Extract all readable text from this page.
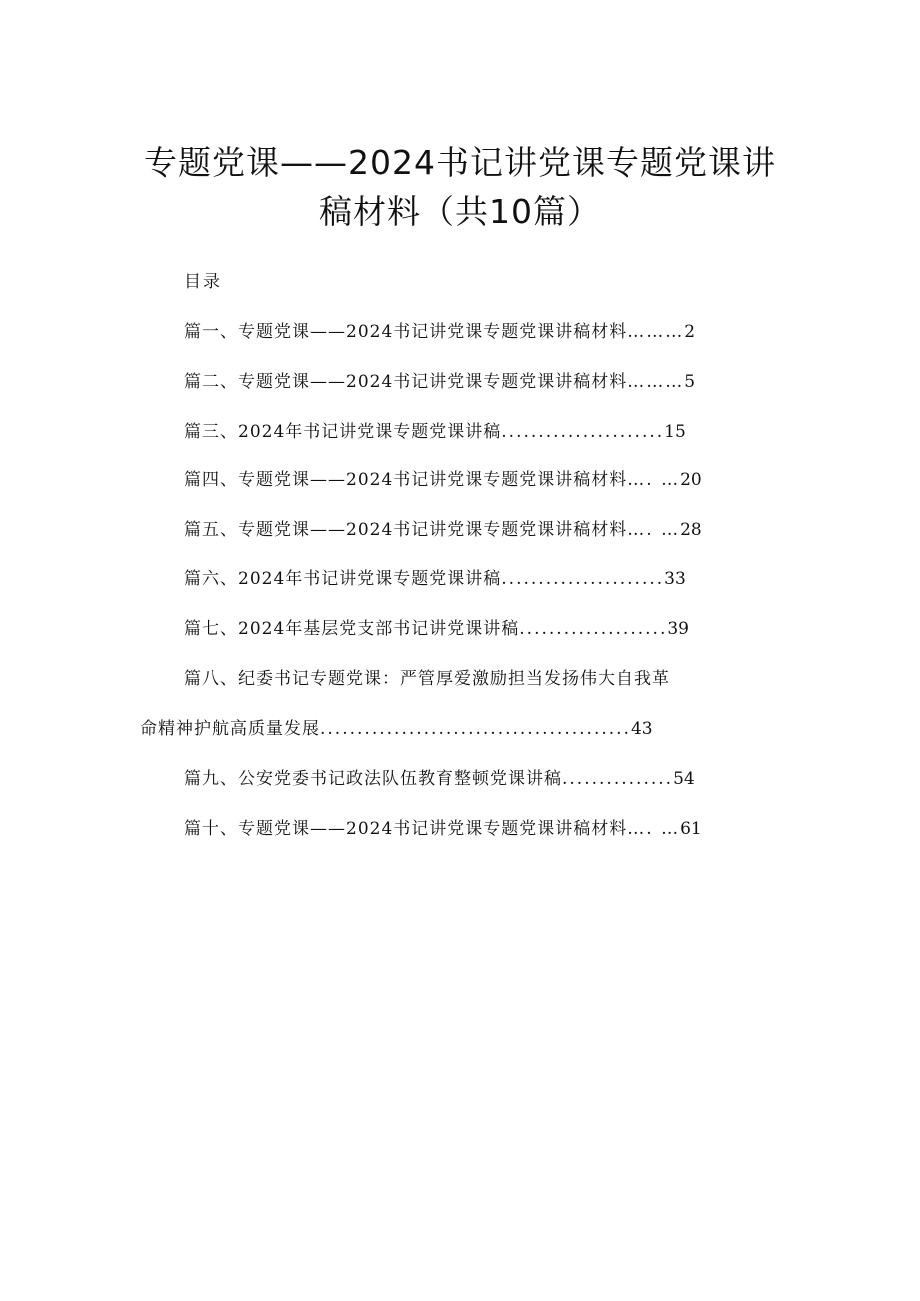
专题党课——2024书记讲党课专题党课讲
稿材料（共10篇）
目录
篇一、专题党课——2024书记讲党课专题党课讲稿材料………2
篇二、专题党课——2024书记讲党课专题党课讲稿材料………5
篇三、2024年书记讲党课专题党课讲稿......................15
篇四、专题党课——2024书记讲党课专题党课讲稿材料…. …20
篇五、专题党课——2024书记讲党课专题党课讲稿材料…. …28
篇六、2024年书记讲党课专题党课讲稿......................33
篇七、2024年基层党支部书记讲党课讲稿....................39
篇八、纪委书记专题党课：严管厚爱激励担当发扬伟大自我革
命精神护航高质量发展..........................................43
篇九、公安党委书记政法队伍教育整顿党课讲稿...............54
篇十、专题党课——2024书记讲党课专题党课讲稿材料…. …61
